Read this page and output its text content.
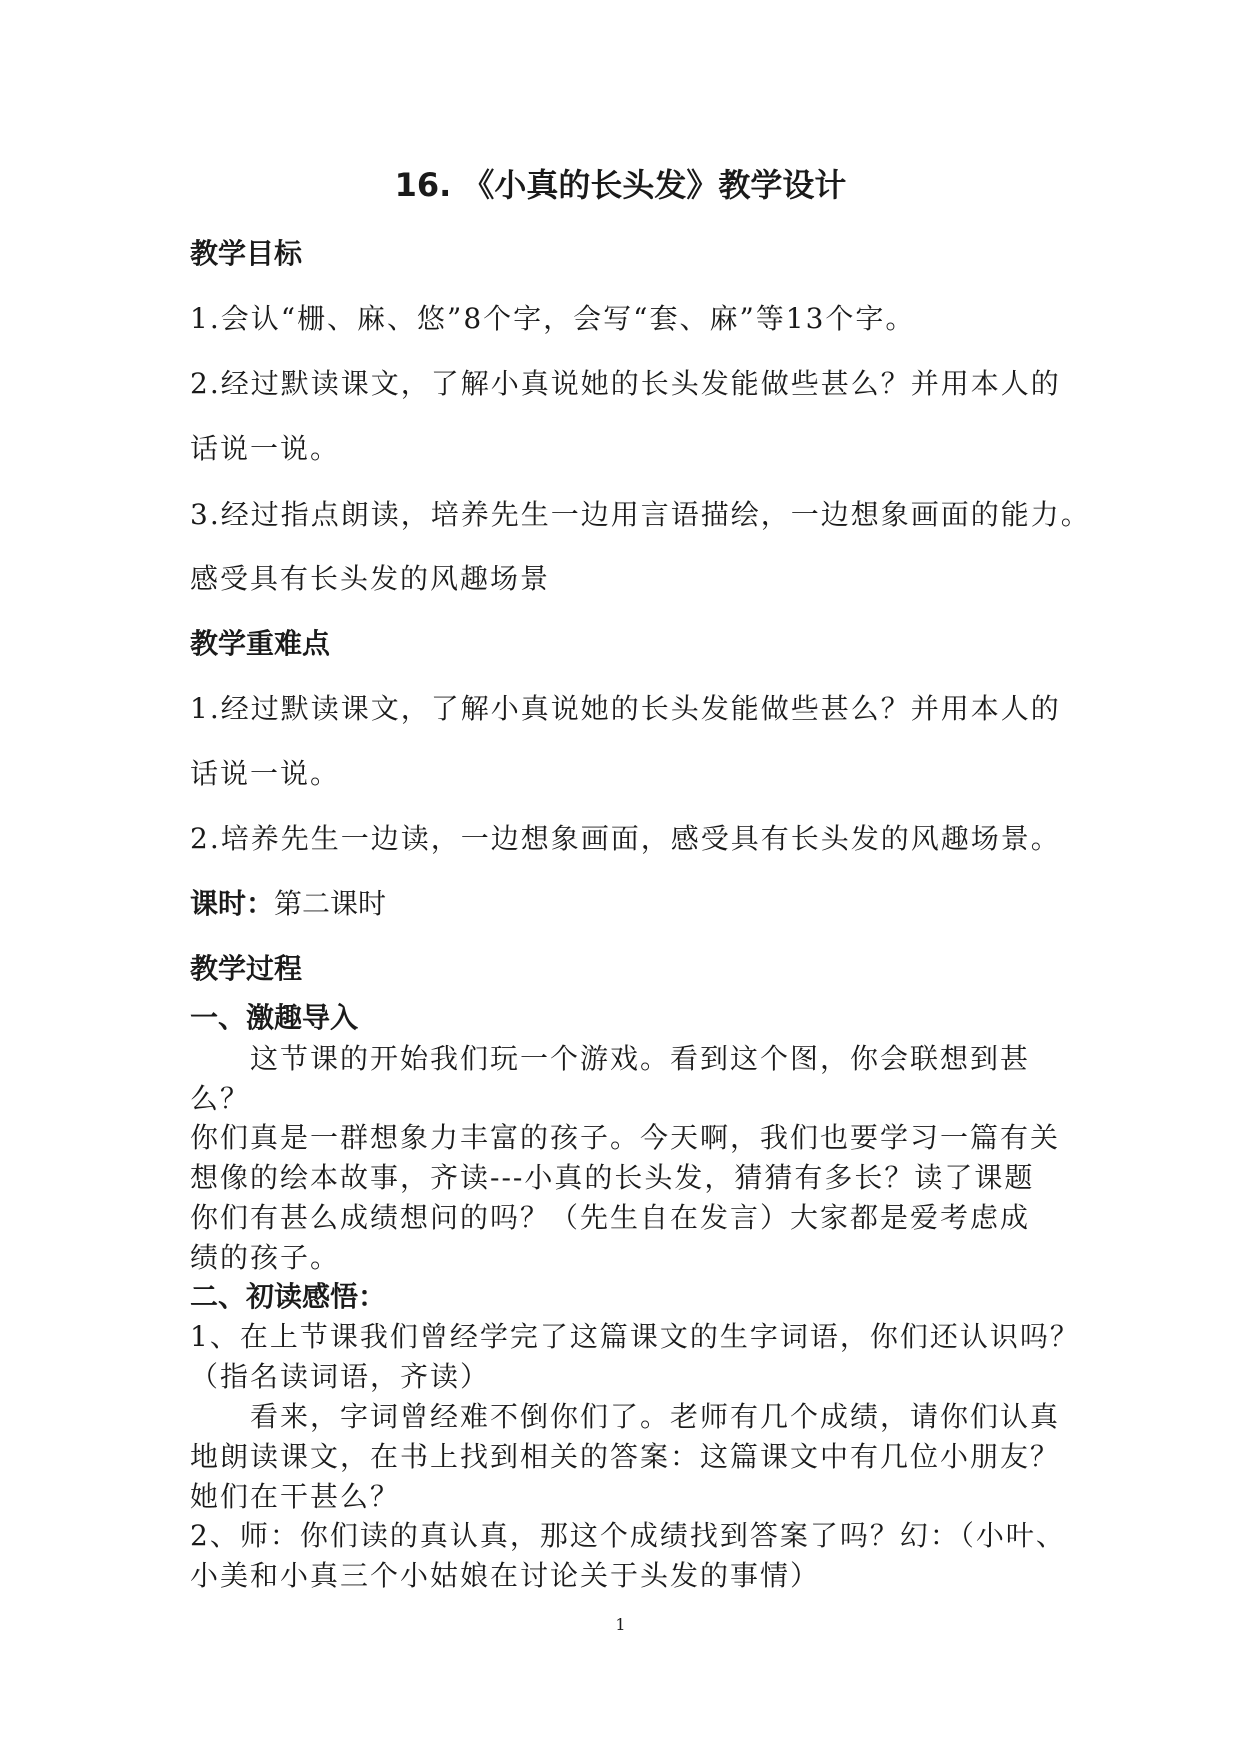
16. 《小真的长头发》教学设计
教学目标
1.会认“栅、麻、悠”8个字，会写“套、麻”等13个字。
2.经过默读课文，了解小真说她的长头发能做些甚么？并用本人的
话说一说。
3.经过指点朗读，培养先生一边用言语描绘，一边想象画面的能力。
感受具有长头发的风趣场景
教学重难点
1.经过默读课文，了解小真说她的长头发能做些甚么？并用本人的
话说一说。
2.培养先生一边读，一边想象画面，感受具有长头发的风趣场景。
课时：第二课时
教学过程
一、激趣导入
　　这节课的开始我们玩一个游戏。看到这个图，你会联想到甚
么？
你们真是一群想象力丰富的孩子。今天啊，我们也要学习一篇有关
想像的绘本故事，齐读---小真的长头发，猜猜有多长？读了课题
你们有甚么成绩想问的吗？（先生自在发言）大家都是爱考虑成
绩的孩子。
二、初读感悟：
1、在上节课我们曾经学完了这篇课文的生字词语，你们还认识吗？
（指名读词语，齐读）
　　看来，字词曾经难不倒你们了。老师有几个成绩，请你们认真
地朗读课文，在书上找到相关的答案：这篇课文中有几位小朋友？
她们在干甚么？
2、师：你们读的真认真，那这个成绩找到答案了吗？幻：（小叶、
小美和小真三个小姑娘在讨论关于头发的事情）
1
